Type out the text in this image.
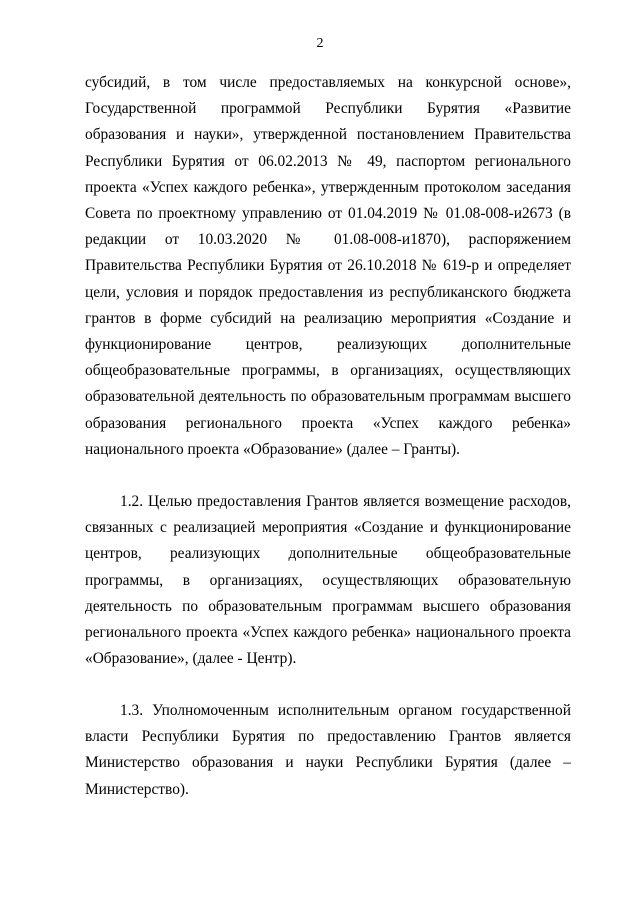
2

субсидий, в том числе предоставляемых на конкурсной основе», Государственной программой Республики Бурятия «Развитие образования и науки», утвержденной постановлением Правительства Республики Бурятия от 06.02.2013 № 49, паспортом регионального проекта «Успех каждого ребенка», утвержденным протоколом заседания Совета по проектному управлению от 01.04.2019 № 01.08-008-и2673 (в редакции от 10.03.2020 № 01.08-008-и1870), распоряжением Правительства Республики Бурятия от 26.10.2018 № 619-р и определяет цели, условия и порядок предоставления из республиканского бюджета грантов в форме субсидий на реализацию мероприятия «Создание и функционирование центров, реализующих дополнительные общеобразовательные программы, в организациях, осуществляющих образовательной деятельность по образовательным программам высшего образования регионального проекта «Успех каждого ребенка» национального проекта «Образование» (далее – Гранты).

1.2. Целью предоставления Грантов является возмещение расходов, связанных с реализацией мероприятия «Создание и функционирование центров, реализующих дополнительные общеобразовательные программы, в организациях, осуществляющих образовательную деятельность по образовательным программам высшего образования регионального проекта «Успех каждого ребенка» национального проекта «Образование», (далее - Центр).

1.3. Уполномоченным исполнительным органом государственной власти Республики Бурятия по предоставлению Грантов является Министерство образования и науки Республики Бурятия (далее – Министерство).
